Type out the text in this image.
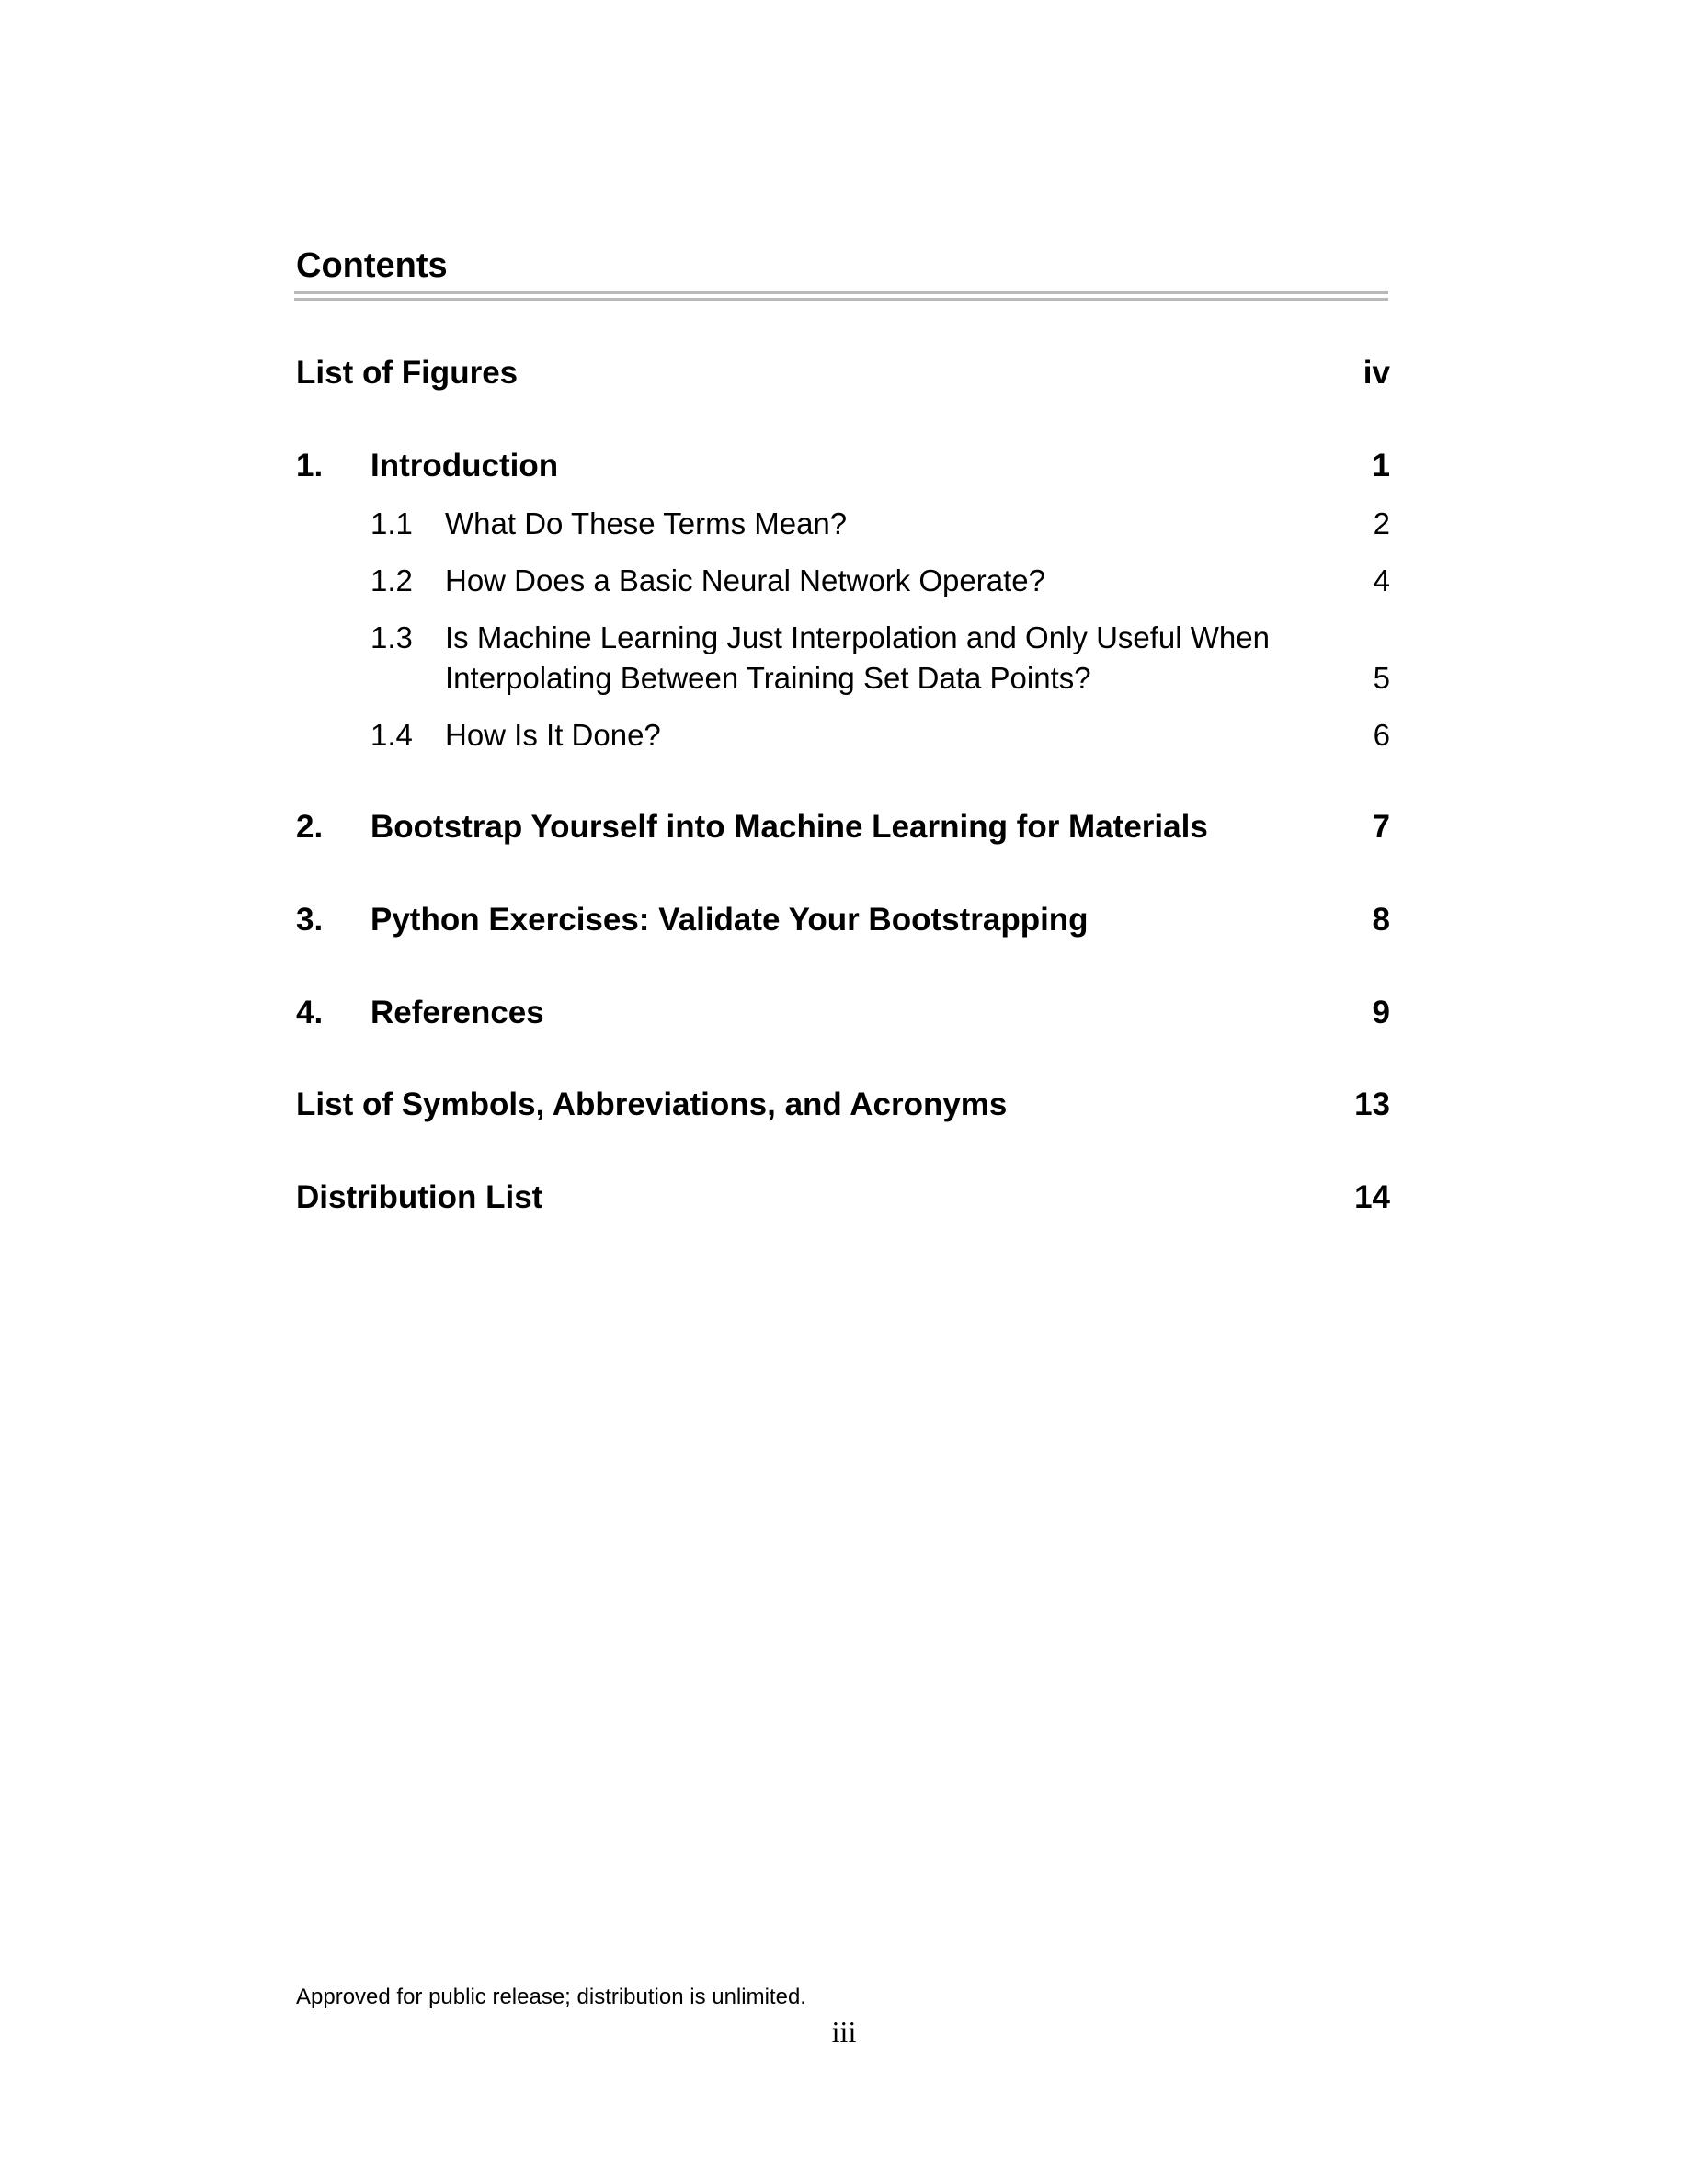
Contents
List of Figures	iv
1. Introduction	1
1.1 What Do These Terms Mean?	2
1.2 How Does a Basic Neural Network Operate?	4
1.3 Is Machine Learning Just Interpolation and Only Useful When Interpolating Between Training Set Data Points?	5
1.4 How Is It Done?	6
2. Bootstrap Yourself into Machine Learning for Materials	7
3. Python Exercises: Validate Your Bootstrapping	8
4. References	9
List of Symbols, Abbreviations, and Acronyms	13
Distribution List	14
Approved for public release; distribution is unlimited.
iii
